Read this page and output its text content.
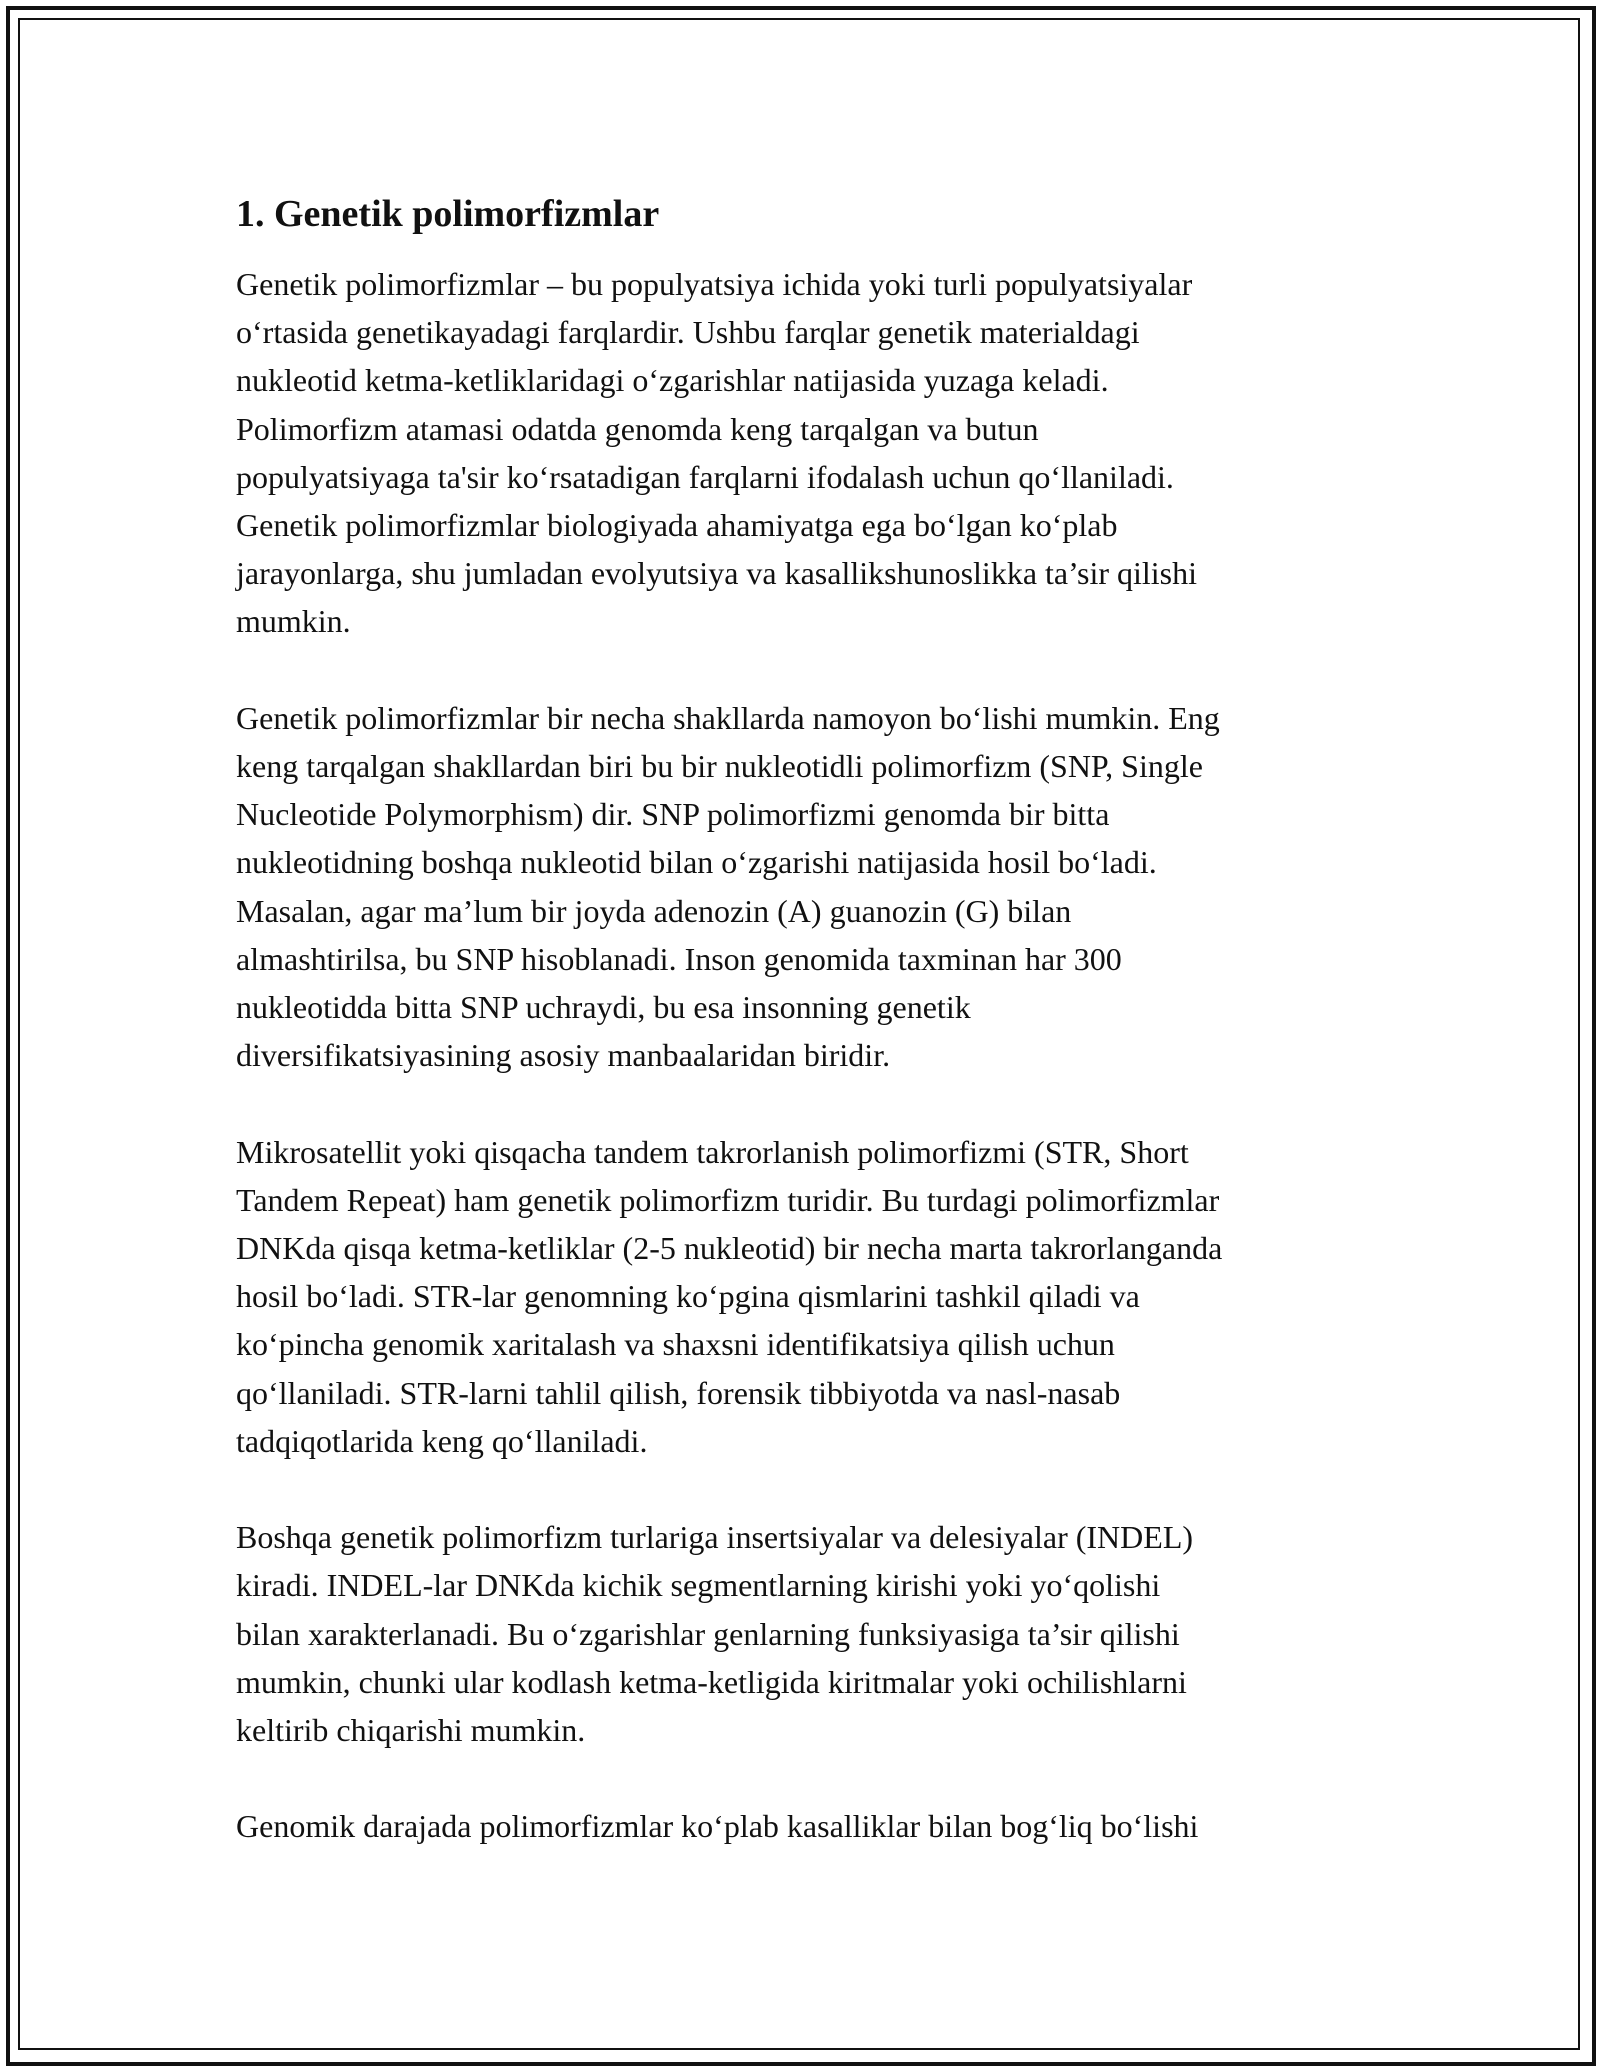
1. Genetik polimorfizmlar
Genetik polimorfizmlar – bu populyatsiya ichida yoki turli populyatsiyalar
o‘rtasida genetikayadagi farqlardir. Ushbu farqlar genetik materialdagi
nukleotid ketma-ketliklaridagi o‘zgarishlar natijasida yuzaga keladi.
Polimorfizm atamasi odatda genomda keng tarqalgan va butun
populyatsiyaga ta'sir ko‘rsatadigan farqlarni ifodalash uchun qo‘llaniladi.
Genetik polimorfizmlar biologiyada ahamiyatga ega bo‘lgan ko‘plab
jarayonlarga, shu jumladan evolyutsiya va kasallikshunoslikka ta’sir qilishi
mumkin.
Genetik polimorfizmlar bir necha shakllarda namoyon bo‘lishi mumkin. Eng
keng tarqalgan shakllardan biri bu bir nukleotidli polimorfizm (SNP, Single
Nucleotide Polymorphism) dir. SNP polimorfizmi genomda bir bitta
nukleotidning boshqa nukleotid bilan o‘zgarishi natijasida hosil bo‘ladi.
Masalan, agar ma’lum bir joyda adenozin (A) guanozin (G) bilan
almashtirilsa, bu SNP hisoblanadi. Inson genomida taxminan har 300
nukleotidda bitta SNP uchraydi, bu esa insonning genetik
diversifikatsiyasining asosiy manbaalaridan biridir.
Mikrosatellit yoki qisqacha tandem takrorlanish polimorfizmi (STR, Short
Tandem Repeat) ham genetik polimorfizm turidir. Bu turdagi polimorfizmlar
DNKda qisqa ketma-ketliklar (2-5 nukleotid) bir necha marta takrorlanganda
hosil bo‘ladi. STR-lar genomning ko‘pgina qismlarini tashkil qiladi va
ko‘pincha genomik xaritalash va shaxsni identifikatsiya qilish uchun
qo‘llaniladi. STR-larni tahlil qilish, forensik tibbiyotda va nasl-nasab
tadqiqotlarida keng qo‘llaniladi.
Boshqa genetik polimorfizm turlariga insertsiyalar va delesiyalar (INDEL)
kiradi. INDEL-lar DNKda kichik segmentlarning kirishi yoki yo‘qolishi
bilan xarakterlanadi. Bu o‘zgarishlar genlarning funksiyasiga ta’sir qilishi
mumkin, chunki ular kodlash ketma-ketligida kiritmalar yoki ochilishlarni
keltirib chiqarishi mumkin.
Genomik darajada polimorfizmlar ko‘plab kasalliklar bilan bog‘liq bo‘lishi
